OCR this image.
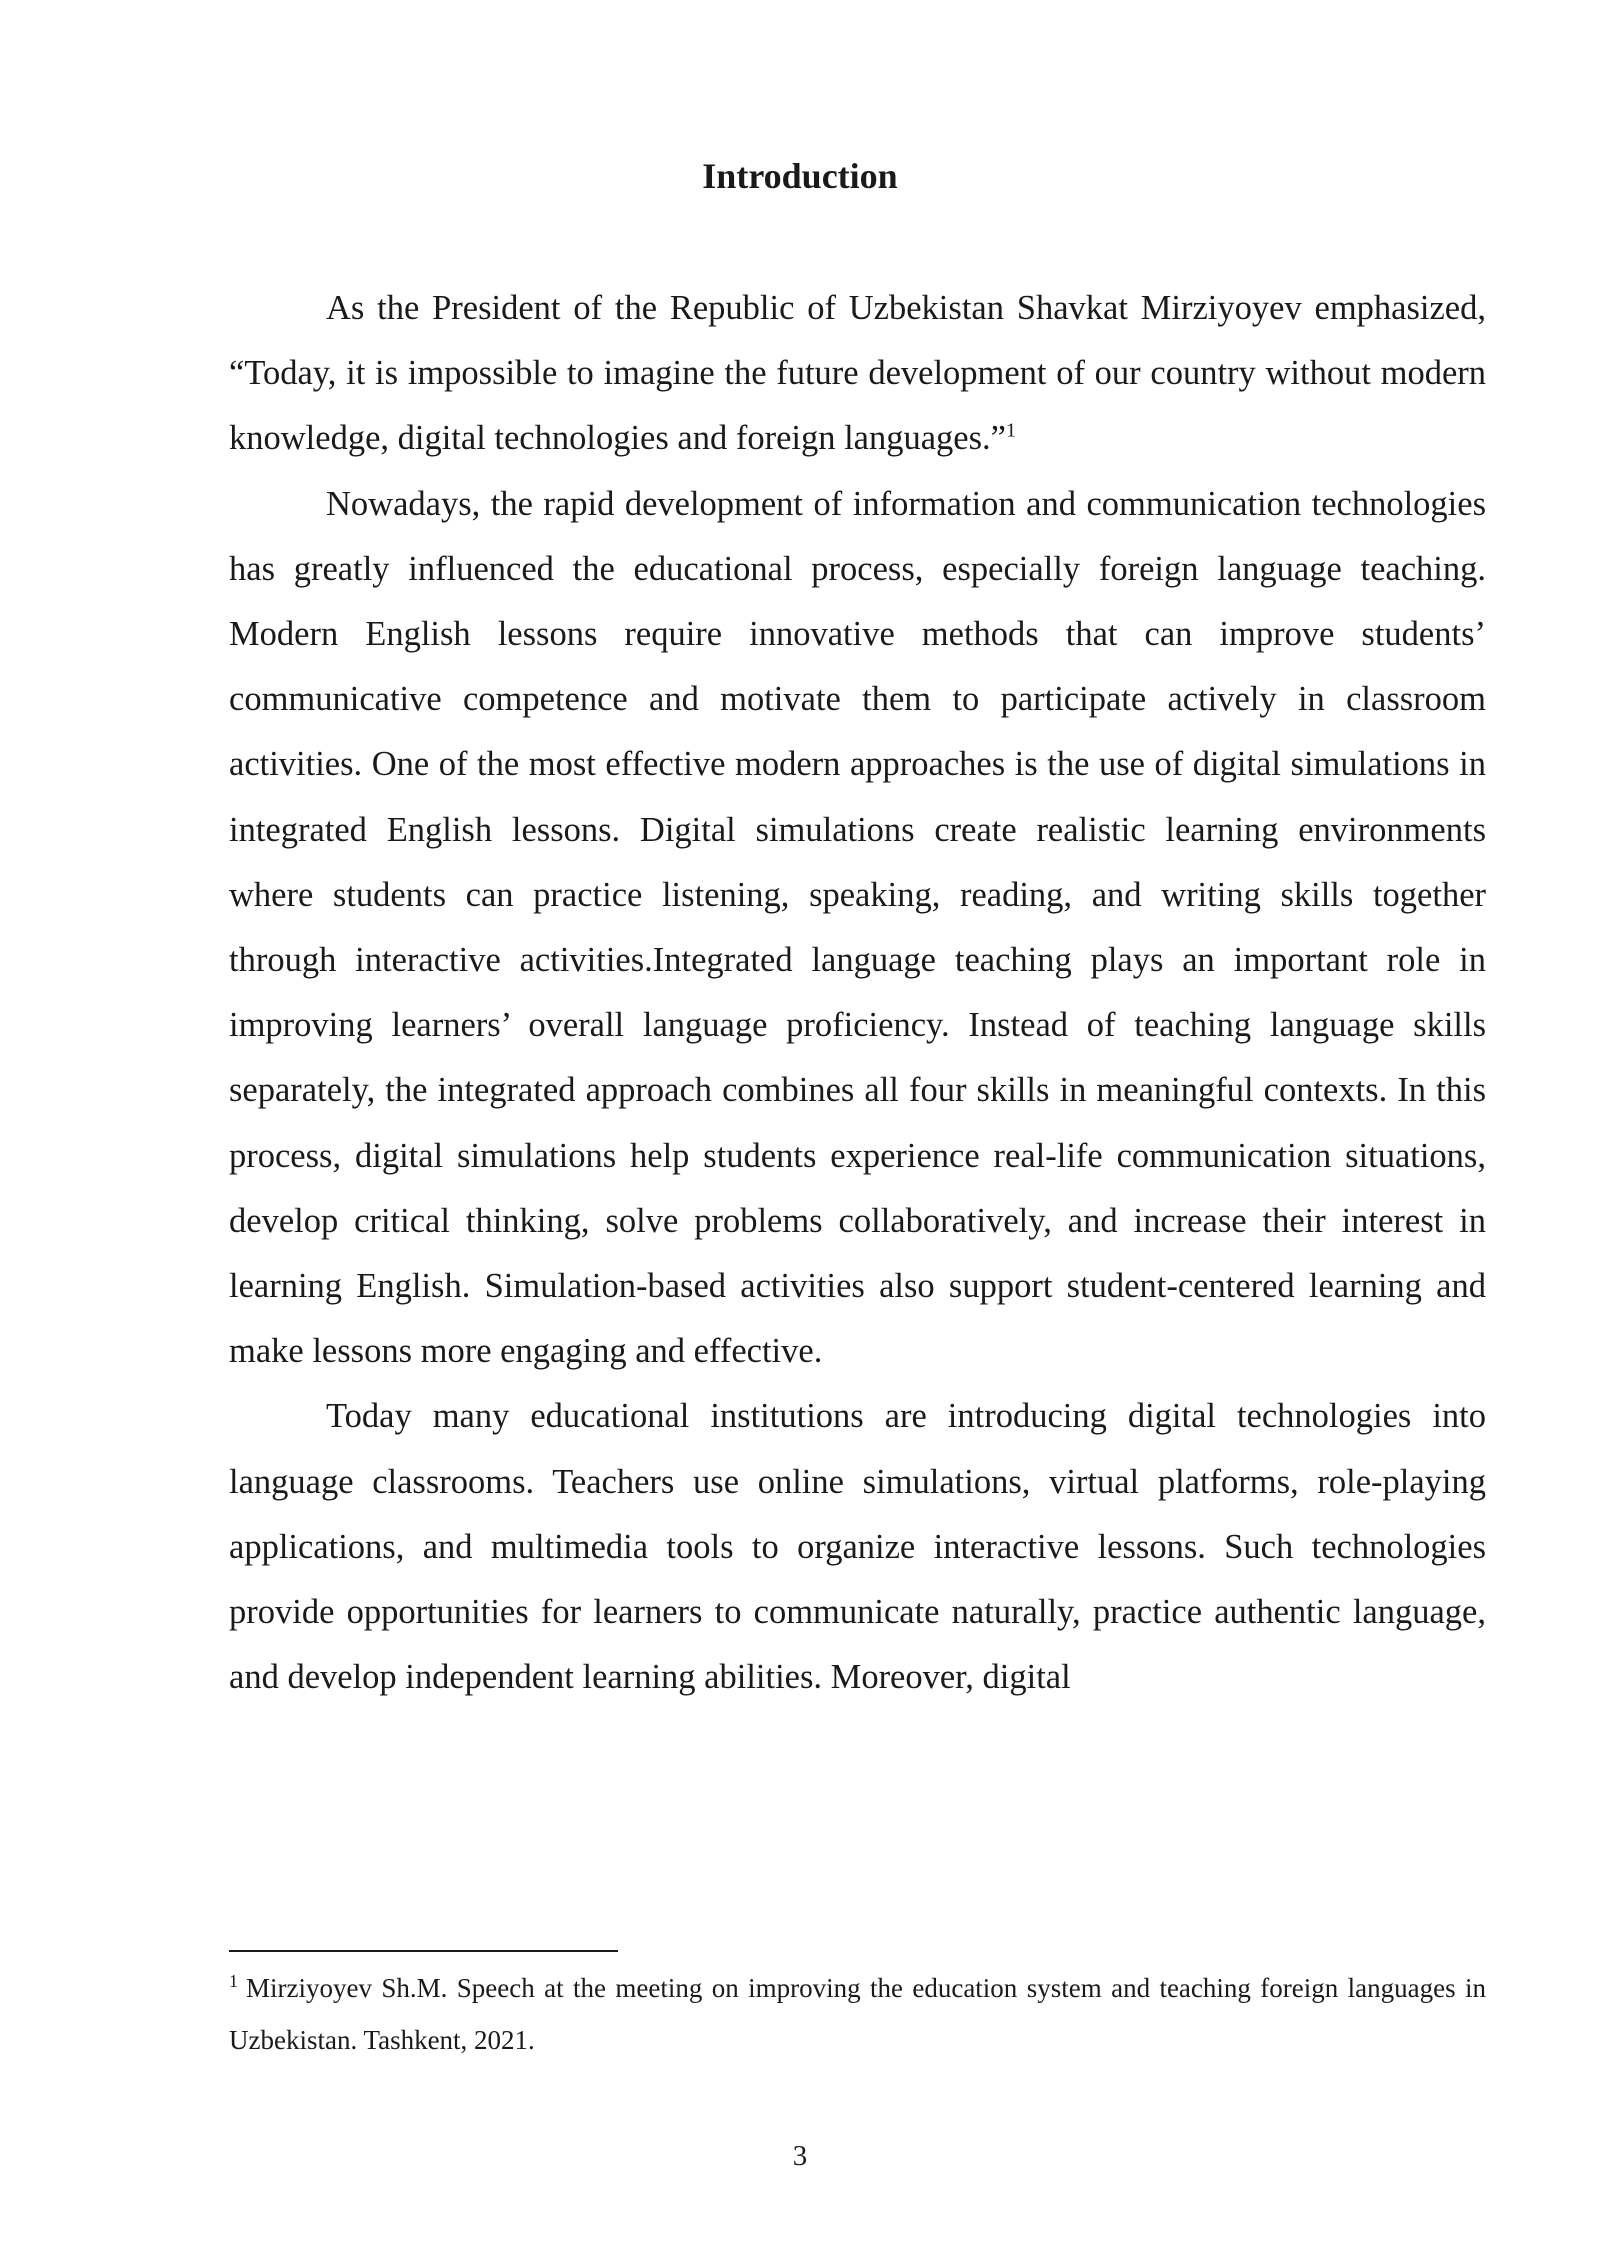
Introduction

As the President of the Republic of Uzbekistan Shavkat Mirziyoyev emphasized, “Today, it is impossible to imagine the future development of our country without modern knowledge, digital technologies and foreign languages.”$^1$

Nowadays, the rapid development of information and communication technologies has greatly influenced the educational process, especially foreign language teaching. Modern English lessons require innovative methods that can improve students’ communicative competence and motivate them to participate actively in classroom activities. One of the most effective modern approaches is the use of digital simulations in integrated English lessons. Digital simulations create realistic learning environments where students can practice listening, speaking, reading, and writing skills together through interactive activities.Integrated language teaching plays an important role in improving learners’ overall language proficiency. Instead of teaching language skills separately, the integrated approach combines all four skills in meaningful contexts. In this process, digital simulations help students experience real-life communication situations, develop critical thinking, solve problems collaboratively, and increase their interest in learning English. Simulation-based activities also support student-centered learning and make lessons more engaging and effective.

Today many educational institutions are introducing digital technologies into language classrooms. Teachers use online simulations, virtual platforms, role-playing applications, and multimedia tools to organize interactive lessons. Such technologies provide opportunities for learners to communicate naturally, practice authentic language, and develop independent learning abilities. Moreover, digital

$^1$ Mirziyoyev Sh.M. Speech at the meeting on improving the education system and teaching foreign languages in Uzbekistan. Tashkent, 2021.

3
